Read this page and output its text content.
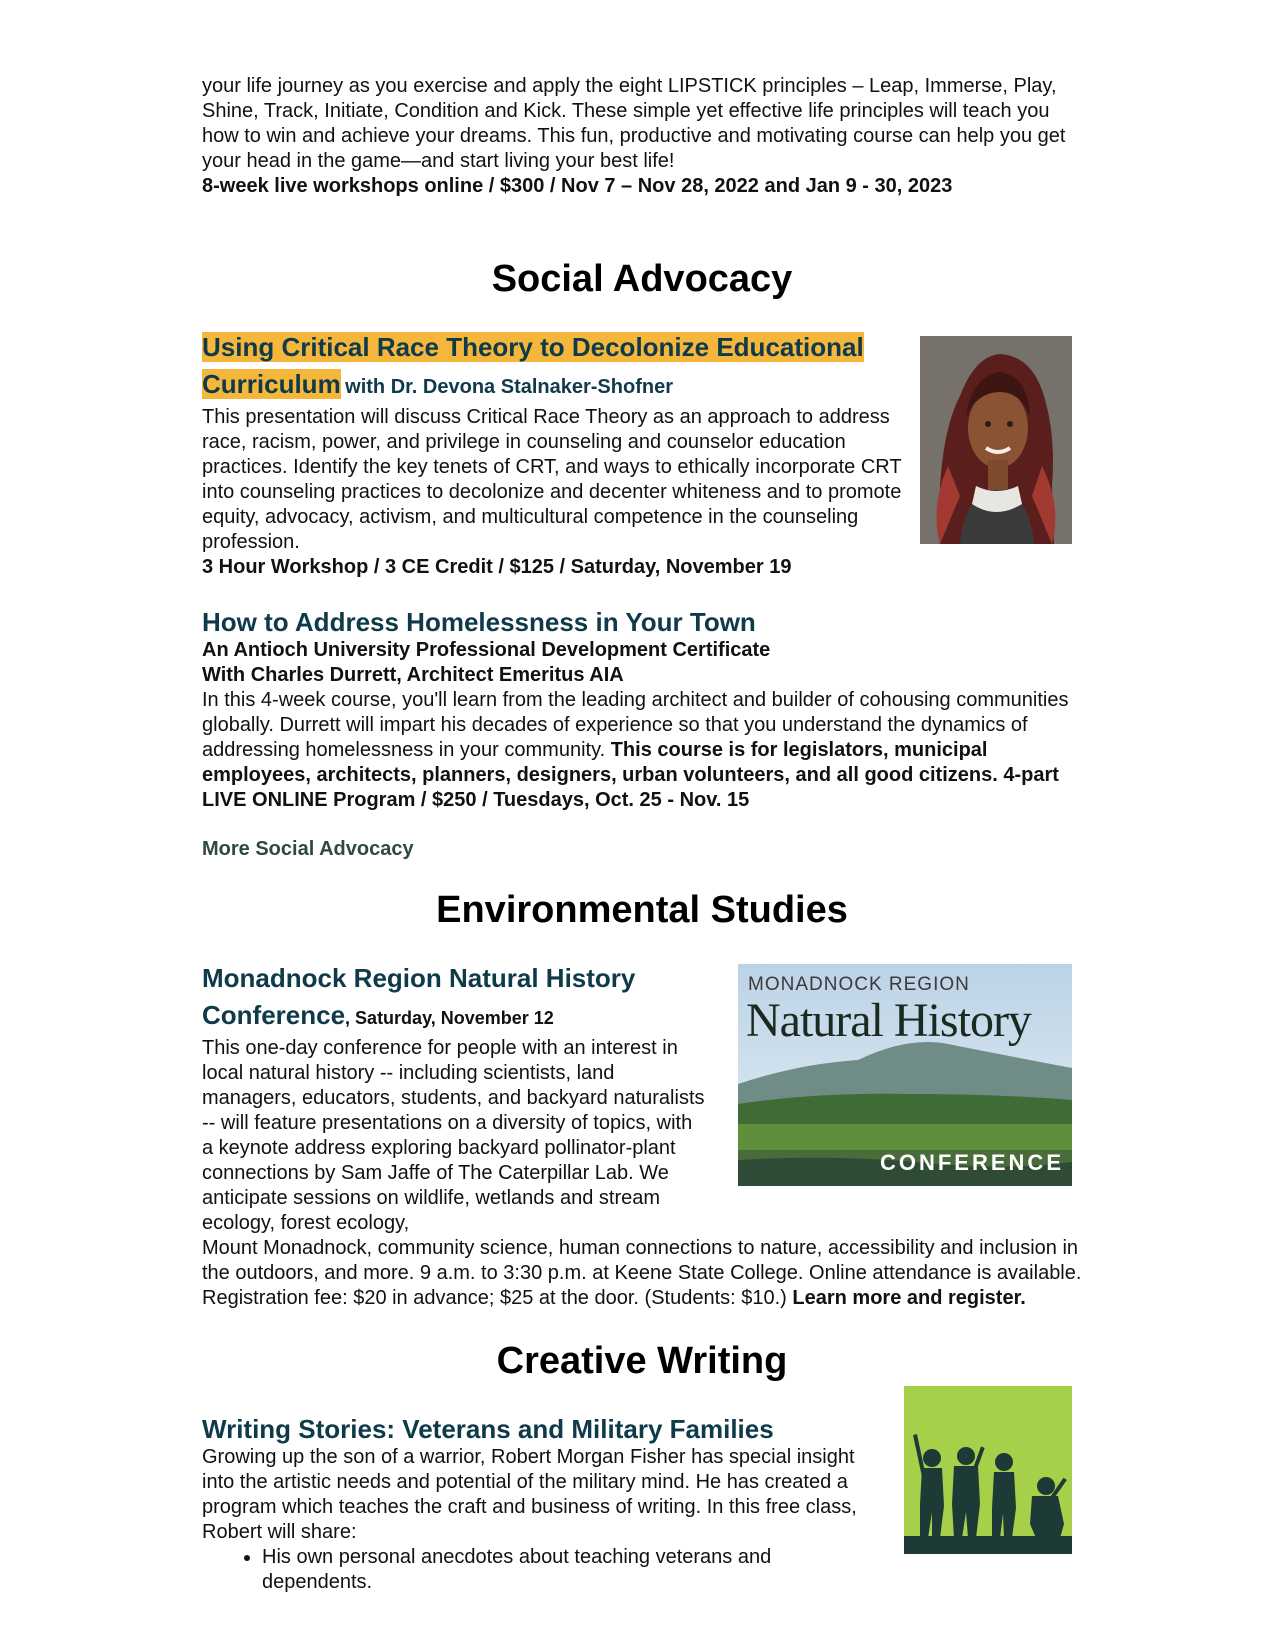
your life journey as you exercise and apply the eight LIPSTICK principles – Leap, Immerse, Play, Shine, Track, Initiate, Condition and Kick. These simple yet effective life principles will teach you how to win and achieve your dreams. This fun, productive and motivating course can help you get your head in the game—and start living your best life!

8-week live workshops online / $300 / Nov 7 – Nov 28, 2022 and Jan 9 - 30, 2023

Social Advocacy
Using Critical Race Theory to Decolonize Educational Curriculum with Dr. Devona Stalnaker-Shofner

This presentation will discuss Critical Race Theory as an approach to address race, racism, power, and privilege in counseling and counselor education practices. Identify the key tenets of CRT, and ways to ethically incorporate CRT into counseling practices to decolonize and decenter whiteness and to promote equity, advocacy, activism, and multicultural competence in the counseling profession.

3 Hour Workshop / 3 CE Credit / $125 / Saturday, November 19

How to Address Homelessness in Your Town

An Antioch University Professional Development Certificate

With Charles Durrett, Architect Emeritus AIA

In this 4-week course, you'll learn from the leading architect and builder of cohousing communities globally. Durrett will impart his decades of experience so that you understand the dynamics of addressing homelessness in your community. This course is for legislators, municipal employees, architects, planners, designers, urban volunteers, and all good citizens. 4-part LIVE ONLINE Program / $250 / Tuesdays, Oct. 25 - Nov. 15

More Social Advocacy
Environmental Studies
Monadnock Region Natural History Conference, Saturday, November 12

This one-day conference for people with an interest in local natural history -- including scientists, land managers, educators, students, and backyard naturalists -- will feature presentations on a diversity of topics, with a keynote address exploring backyard pollinator-plant connections by Sam Jaffe of The Caterpillar Lab. We anticipate sessions on wildlife, wetlands and stream ecology, forest ecology,

Mount Monadnock, community science, human connections to nature, accessibility and inclusion in the outdoors, and more. 9 a.m. to 3:30 p.m. at Keene State College. Online attendance is available. Registration fee: $20 in advance; $25 at the door. (Students: $10.) Learn more and register.

Creative Writing
Writing Stories: Veterans and Military Families

Growing up the son of a warrior, Robert Morgan Fisher has special insight into the artistic needs and potential of the military mind. He has created a program which teaches the craft and business of writing. In this free class, Robert will share:

• His own personal anecdotes about teaching veterans and dependents.
MONADNOCK REGION
Natural History
CONFERENCE
